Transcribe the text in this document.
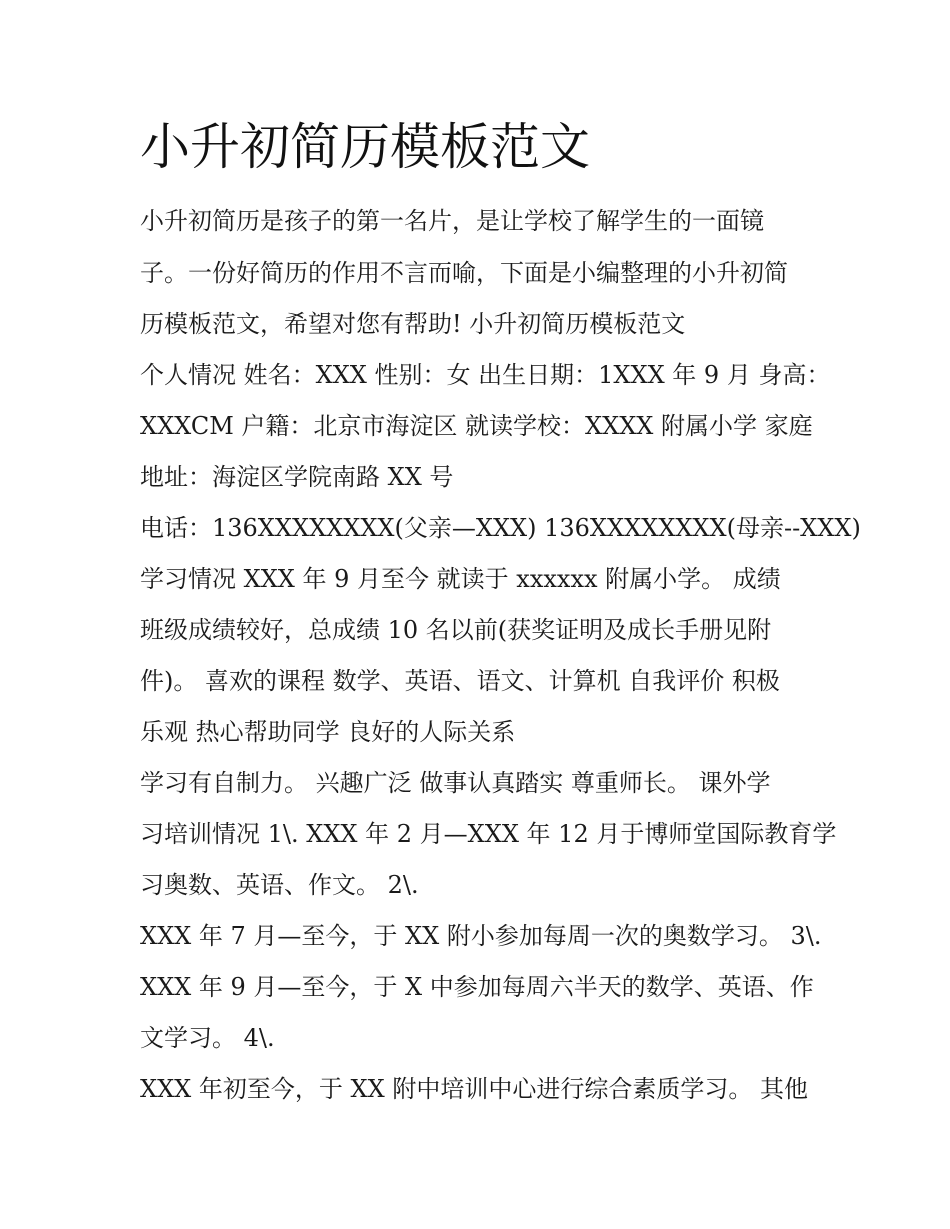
小升初简历模板范文
小升初简历是孩子的第一名片，是让学校了解学生的一面镜
子。一份好简历的作用不言而喻，下面是小编整理的小升初简
历模板范文，希望对您有帮助! 小升初简历模板范文
个人情况 姓名：XXX 性别：女 出生日期：1XXX 年 9 月 身高：
XXXCM 户籍：北京市海淀区 就读学校：XXXX 附属小学 家庭
地址：海淀区学院南路 XX 号
电话：136XXXXXXXX(父亲—XXX) 136XXXXXXXX(母亲--XXX)
学习情况 XXX 年 9 月至今 就读于 xxxxxx 附属小学。 成绩
班级成绩较好，总成绩 10 名以前(获奖证明及成长手册见附
件)。 喜欢的课程 数学、英语、语文、计算机 自我评价 积极
乐观 热心帮助同学 良好的人际关系
学习有自制力。 兴趣广泛 做事认真踏实 尊重师长。 课外学
习培训情况 1\. XXX 年 2 月—XXX 年 12 月于博师堂国际教育学
习奥数、英语、作文。 2\.
XXX 年 7 月—至今，于 XX 附小参加每周一次的奥数学习。 3\.
XXX 年 9 月—至今，于 X 中参加每周六半天的数学、英语、作
文学习。 4\.
XXX 年初至今，于 XX 附中培训中心进行综合素质学习。 其他
